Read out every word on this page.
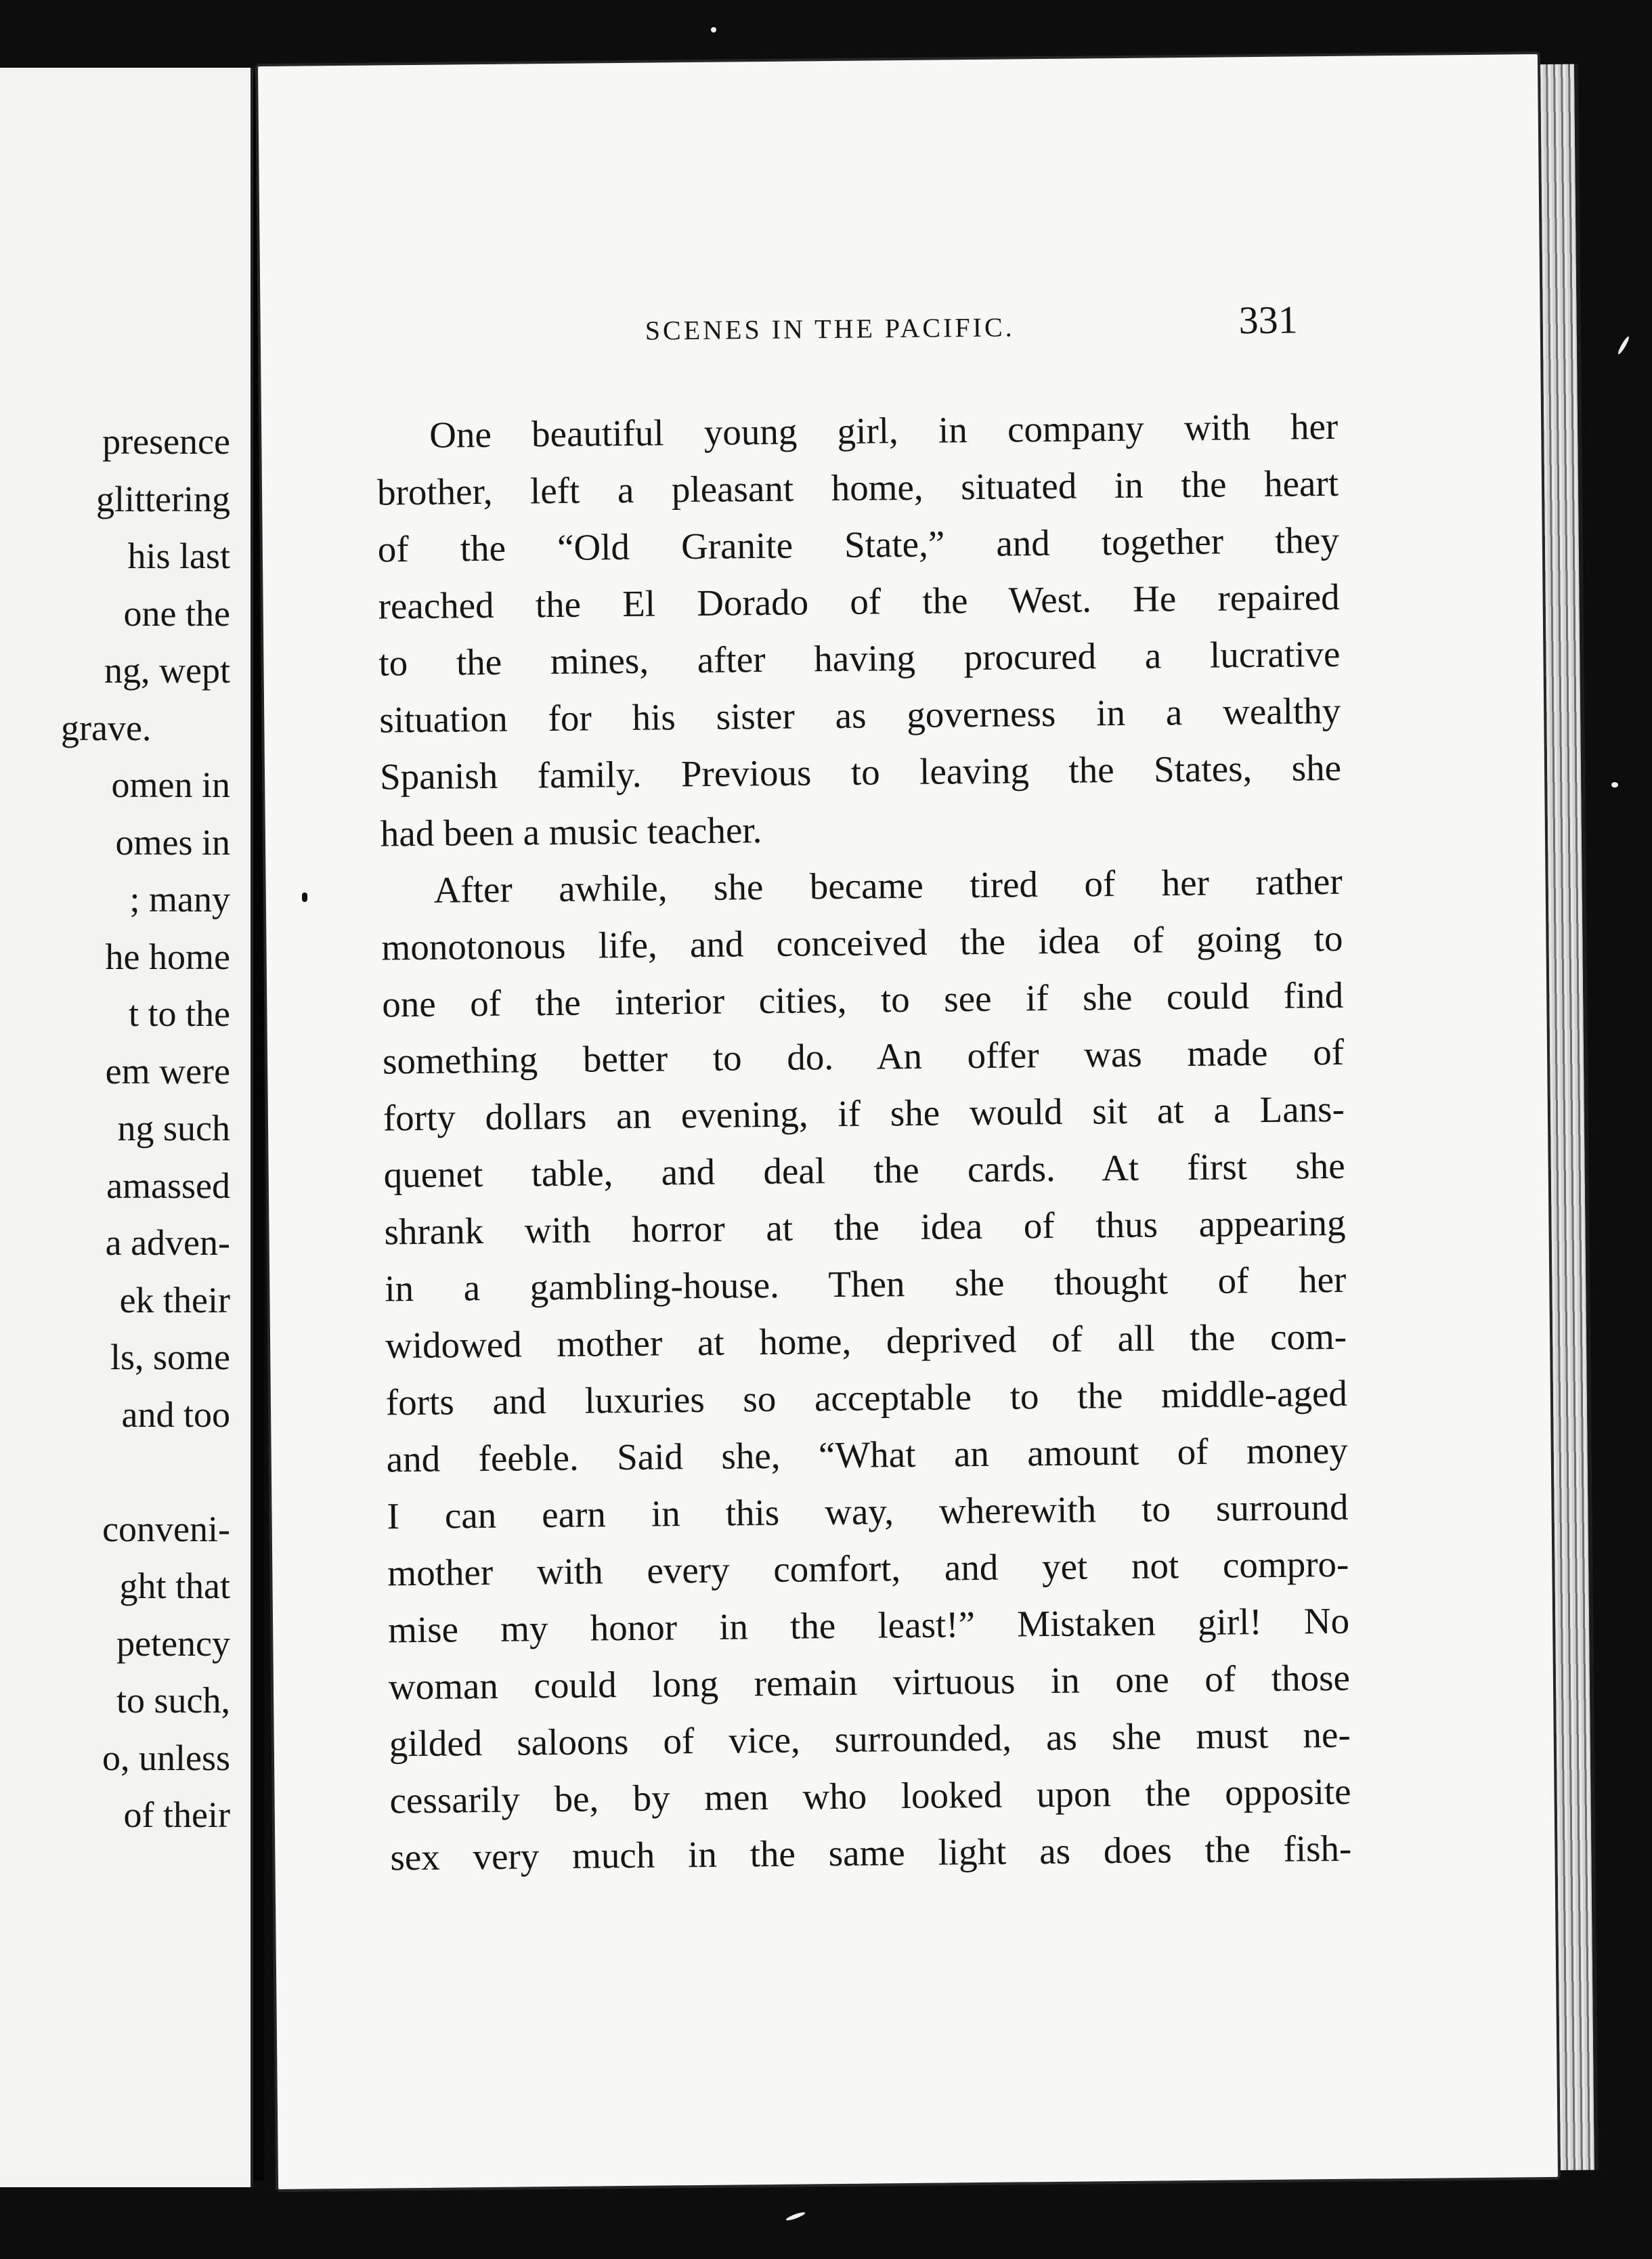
presence
glittering
his last
one the
ng, wept
grave.
omen in
omes in
; many
he home
t to the
em were
ng such
amassed
a adven-
ek their
ls, some
and too
conveni-
ght that
petency
to such,
o, unless
of their
SCENES IN THE PACIFIC.	331
One beautiful young girl, in company with her
brother, left a pleasant home, situated in the heart
of the “Old Granite State,” and together they
reached the El Dorado of the West. He repaired
to the mines, after having procured a lucrative
situation for his sister as governess in a wealthy
Spanish family. Previous to leaving the States, she
had been a music teacher.
After awhile, she became tired of her rather
monotonous life, and conceived the idea of going to
one of the interior cities, to see if she could find
something better to do. An offer was made of
forty dollars an evening, if she would sit at a Lans-
quenet table, and deal the cards. At first she
shrank with horror at the idea of thus appearing
in a gambling-house. Then she thought of her
widowed mother at home, deprived of all the com-
forts and luxuries so acceptable to the middle-aged
and feeble. Said she, “What an amount of money
I can earn in this way, wherewith to surround
mother with every comfort, and yet not compro-
mise my honor in the least!” Mistaken girl! No
woman could long remain virtuous in one of those
gilded saloons of vice, surrounded, as she must ne-
cessarily be, by men who looked upon the opposite
sex very much in the same light as does the fish-
